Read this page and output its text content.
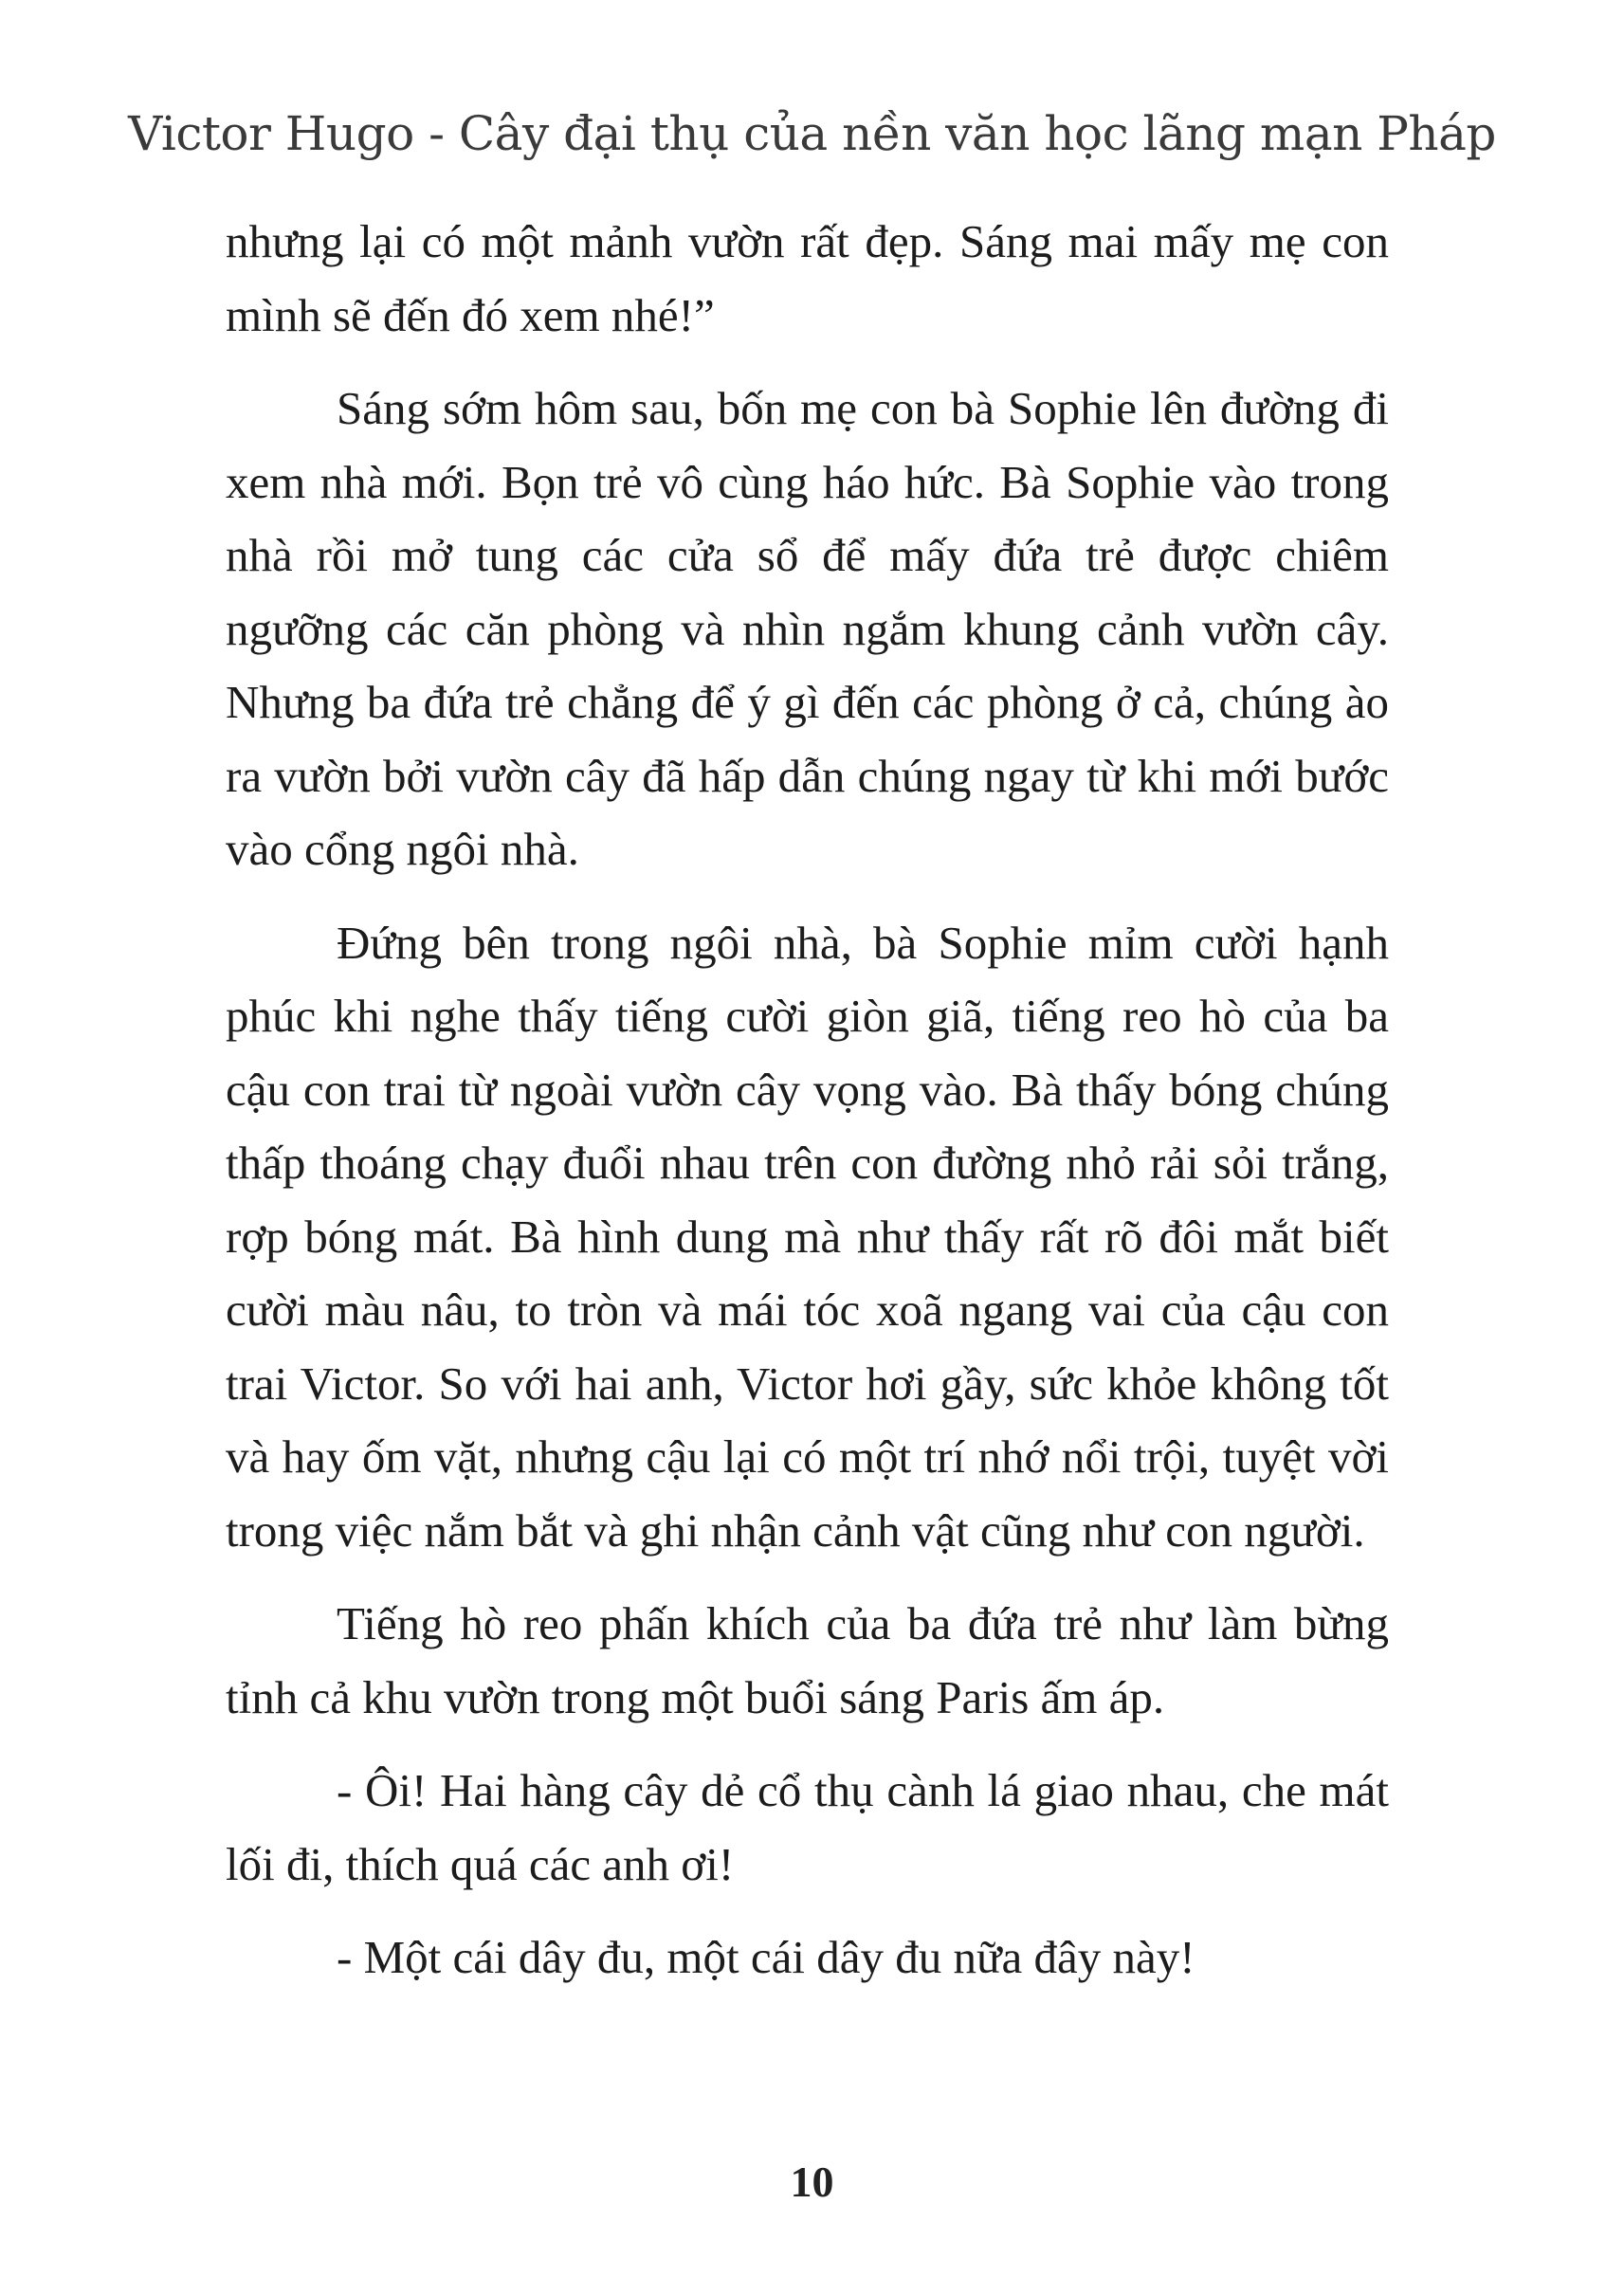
Victor Hugo - Cây đại thụ của nền văn học lãng mạn Pháp

nhưng lại có một mảnh vườn rất đẹp. Sáng mai mấy mẹ con mình sẽ đến đó xem nhé!”

Sáng sớm hôm sau, bốn mẹ con bà Sophie lên đường đi xem nhà mới. Bọn trẻ vô cùng háo hức. Bà Sophie vào trong nhà rồi mở tung các cửa sổ để mấy đứa trẻ được chiêm ngưỡng các căn phòng và nhìn ngắm khung cảnh vườn cây. Nhưng ba đứa trẻ chẳng để ý gì đến các phòng ở cả, chúng ào ra vườn bởi vườn cây đã hấp dẫn chúng ngay từ khi mới bước vào cổng ngôi nhà.

Đứng bên trong ngôi nhà, bà Sophie mỉm cười hạnh phúc khi nghe thấy tiếng cười giòn giã, tiếng reo hò của ba cậu con trai từ ngoài vườn cây vọng vào. Bà thấy bóng chúng thấp thoáng chạy đuổi nhau trên con đường nhỏ rải sỏi trắng, rợp bóng mát. Bà hình dung mà như thấy rất rõ đôi mắt biết cười màu nâu, to tròn và mái tóc xoã ngang vai của cậu con trai Victor. So với hai anh, Victor hơi gầy, sức khỏe không tốt và hay ốm vặt, nhưng cậu lại có một trí nhớ nổi trội, tuyệt vời trong việc nắm bắt và ghi nhận cảnh vật cũng như con người.

Tiếng hò reo phấn khích của ba đứa trẻ như làm bừng tỉnh cả khu vườn trong một buổi sáng Paris ấm áp.

- Ôi! Hai hàng cây dẻ cổ thụ cành lá giao nhau, che mát lối đi, thích quá các anh ơi!

- Một cái dây đu, một cái dây đu nữa đây này!

10
